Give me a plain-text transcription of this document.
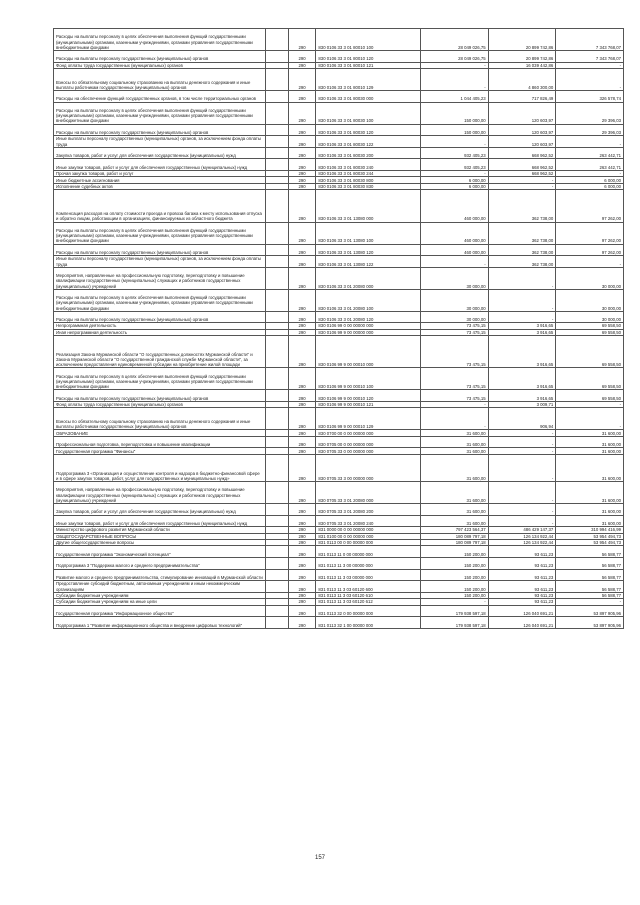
Расходы на выплаты персоналу в целях обеспечения выполнения функций государственными (муниципальными) органами, казенными учреждениями, органами управления государственными внебюджетными фондами		290	830 0106 33 3 01 80010 100	28 049 026,75	20 899 742,86	7 343 768,07
Расходы на выплаты персоналу государственных (муниципальных) органов		290	830 0106 33 3 01 80010 120	28 049 026,75	20 899 742,86	7 343 768,07
Фонд оплаты труда государственных (муниципальных) органов		290	830 0106 33 3 01 80010 121	-	16 039 442,86	-
Взносы по обязательному социальному страхованию на выплаты денежного содержания и иные выплаты работникам государственных (муниципальных) органов		290	830 0106 33 3 01 80010 129	-	4 860 300,00	-
Расходы на обеспечение функций государственных органов, в том числе территориальных органов		290	830 0106 33 3 01 80030 000	1 044 405,23	717 826,49	326 578,74
Расходы на выплаты персоналу в целях обеспечения выполнения функций государственными (муниципальными) органами, казенными учреждениями, органами управления государственными внебюджетными фондами		290	830 0106 33 3 01 80030 100	150 000,00	120 603,97	29 396,03
Расходы на выплаты персоналу государственных (муниципальных) органов		290	830 0106 33 3 01 80030 120	150 000,00	120 603,97	29 396,03
Иные выплаты персоналу государственных (муниципальных) органов, за исключением фонда оплаты труда		290	830 0106 33 3 01 80030 122	-	120 603,97	-
Закупка товаров, работ и услуг для обеспечения государственных (муниципальных) нужд		290	830 0106 33 3 01 80030 200	932 405,23	668 962,52	263 442,71
Иные закупки товаров, работ и услуг для обеспечения государственных (муниципальных) нужд		290	830 0106 33 3 01 80030 240	932 405,23	668 962,52	263 442,71
Прочая закупка товаров, работ и услуг		290	830 0106 33 3 01 80030 244	-	668 962,52	-
Иные бюджетные ассигнования		290	830 0106 33 3 01 80030 800	6 000,00	-	6 000,00
Исполнение судебных актов		290	830 0106 33 3 01 80030 830	6 000,00	-	6 000,00
Компенсация расходов на оплату стоимости проезда и провоза багажа к месту использования отпуска и обратно лицам, работающим в организациях, финансируемых из областного бюджета		290	830 0106 33 3 01 13080 000	460 000,00	362 738,00	97 262,00
Расходы на выплаты персоналу в целях обеспечения выполнения функций государственными (муниципальными) органами, казенными учреждениями, органами управления государственными внебюджетными фондами		290	830 0106 33 3 01 13080 100	460 000,00	362 738,00	97 262,00
Расходы на выплаты персоналу государственных (муниципальных) органов		290	830 0106 33 3 01 13080 120	460 000,00	362 738,00	97 262,00
Иные выплаты персоналу государственных (муниципальных) органов, за исключением фонда оплаты труда		290	830 0106 33 3 01 13080 122	-	362 738,00	-
Мероприятия, направленные на профессиональную подготовку, переподготовку и повышение квалификации государственных (муниципальных) служащих и работников государственных (муниципальных) учреждений		290	830 0106 33 3 01 20080 000	30 000,00	-	30 000,00
Расходы на выплаты персоналу в целях обеспечения выполнения функций государственными (муниципальными) органами, казенными учреждениями, органами управления государственными внебюджетными фондами		290	830 0106 33 3 01 20080 100	30 000,00	-	30 000,00
Расходы на выплаты персоналу государственных (муниципальных) органов		290	830 0106 33 3 01 20080 120	30 000,00	-	30 000,00
Непрограммная деятельность		290	830 0106 99 0 00 00000 000	73 475,15	3 916,65	69 558,50
Иная непрограммная деятельность		290	830 0106 99 9 00 00000 000	73 475,15	3 916,65	69 558,50
Реализация Закона Мурманской области "О государственных должностях Мурманской области" и Закона Мурманской области "О государственной гражданской службе Мурманской области", за исключением предоставления единовременной субсидии на приобретение жилой площади		290	830 0106 99 9 00 00010 000	73 475,15	3 916,65	69 558,50
Расходы на выплаты персоналу в целях обеспечения выполнения функций государственными (муниципальными) органами, казенными учреждениями, органами управления государственными внебюджетными фондами		290	830 0106 99 9 00 00010 100	73 475,15	3 916,65	69 558,50
Расходы на выплаты персоналу государственных (муниципальных) органов		290	830 0106 99 9 00 00010 120	73 475,15	3 916,65	69 558,50
Фонд оплаты труда государственных (муниципальных) органов		290	830 0106 99 9 00 00010 121	-	3 009,71	-
Взносы по обязательному социальному страхованию на выплаты денежного содержания и иные выплаты работникам государственных (муниципальных) органов		290	830 0106 99 9 00 00010 129	-	906,94	-
ОБРАЗОВАНИЕ		290	830 0700 00 0 00 00000 000	31 600,00	-	31 600,00
Профессиональная подготовка, переподготовка и повышение квалификации		290	830 0705 00 0 00 00000 000	31 600,00	-	31 600,00
Государственная программа "Финансы"		290	830 0705 33 0 00 00000 000	31 600,00	-	31 600,00
Подпрограмма 3 «Организация и осуществление контроля и надзора в бюджетно-финансовой сфере и в сфере закупок товаров, работ, услуг для государственных и муниципальных нужд»		290	830 0705 33 3 00 00000 000	31 600,00	-	31 600,00
Мероприятия, направленные на профессиональную подготовку, переподготовку и повышение квалификации государственных (муниципальных) служащих и работников государственных (муниципальных) учреждений		290	830 0705 33 3 01 20080 000	31 600,00	-	31 600,00
Закупка товаров, работ и услуг для обеспечения государственных (муниципальных) нужд		290	830 0705 33 3 01 20080 200	31 600,00	-	31 600,00
Иные закупки товаров, работ и услуг для обеспечения государственных (муниципальных) нужд		290	830 0705 33 3 01 20080 240	31 600,00	-	31 600,00
Министерство цифрового развития Мурманской области		290	831 0000 00 0 00 00000 000	797 423 564,37	486 429 147,37	310 994 416,99
ОБЩЕГОСУДАРСТВЕННЫЕ ВОПРОСЫ		290	831 0100 00 0 00 00000 000	180 089 797,18	126 134 922,44	53 954 494,73
Другие общегосударственные вопросы		290	831 0113 00 0 00 00000 000	180 089 797,18	126 134 922,44	53 954 494,73
Государственная программа "Экономический потенциал"		290	831 0113 11 0 00 00000 000	150 200,00	93 611,23	56 588,77
Подпрограмма 3 "Поддержка малого и среднего предпринимательства"		290	831 0113 11 3 00 00000 000	150 200,00	93 611,23	56 588,77
Развитие малого и среднего предпринимательства, стимулирование инноваций в Мурманской области		290	831 0113 11 3 03 00000 000	150 200,00	93 611,23	56 588,77
Предоставление субсидий бюджетным, автономным учреждениям и иным некоммерческим организациям		290	831 0113 11 3 03 60120 600	150 200,00	93 611,23	56 588,77
Субсидии бюджетным учреждениям		290	831 0113 11 3 03 60120 610	150 200,00	93 611,23	56 588,77
Субсидии бюджетным учреждениям на иные цели		290	831 0113 11 3 03 60120 612	-	93 611,23	-
Государственная программа "Информационное общество"		290	831 0113 32 0 00 00000 000	179 938 597,18	126 040 691,21	53 897 905,96
Подпрограмма 1 "Развитие информационного общества и внедрение цифровых технологий"		290	831 0113 32 1 00 00000 000	179 938 597,18	126 040 691,21	53 897 905,96
157
